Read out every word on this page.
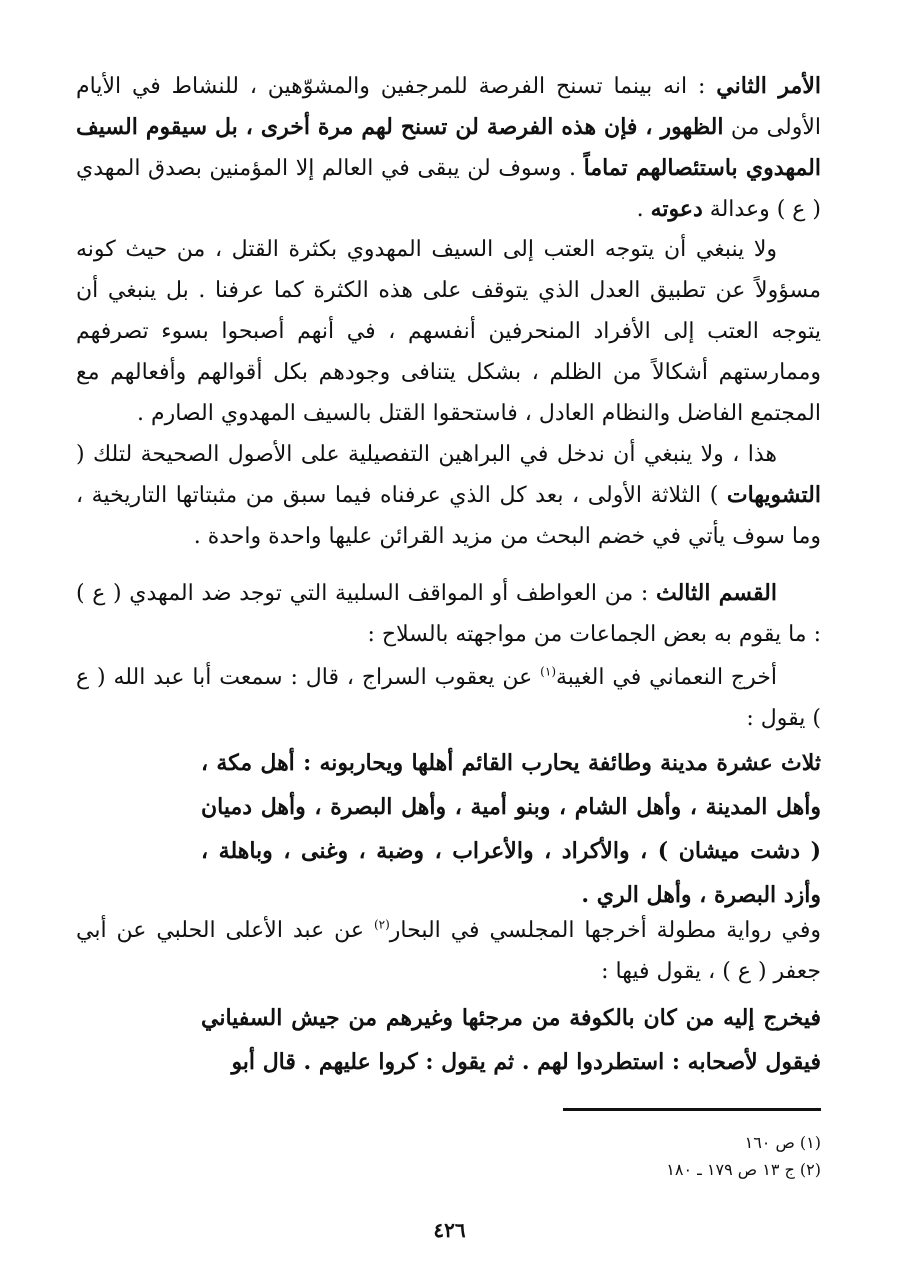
الأمر الثاني : انه بينما تسنح الفرصة للمرجفين والمشوّهين ، للنشاط في الأيام الأولى من الظهور ، فإن هذه الفرصة لن تسنح لهم مرة أخرى ، بل سيقوم السيف المهدوي باستئصالهم تماماً . وسوف لن يبقى في العالم إلا المؤمنين بصدق المهدي ( ع ) وعدالة دعوته .

ولا ينبغي أن يتوجه العتب إلى السيف المهدوي بكثرة القتل ، من حيث كونه مسؤولاً عن تطبيق العدل الذي يتوقف على هذه الكثرة كما عرفنا . بل ينبغي أن يتوجه العتب إلى الأفراد المنحرفين أنفسهم ، في أنهم أصبحوا بسوء تصرفهم وممارستهم أشكالاً من الظلم ، بشكل يتنافى وجودهم بكل أقوالهم وأفعالهم مع المجتمع الفاضل والنظام العادل ، فاستحقوا القتل بالسيف المهدوي الصارم .

هذا ، ولا ينبغي أن ندخل في البراهين التفصيلية على الأصول الصحيحة لتلك ( التشويهات ) الثلاثة الأولى ، بعد كل الذي عرفناه فيما سبق من مثبتاتها التاريخية ، وما سوف يأتي في خضم البحث من مزيد القرائن عليها واحدة واحدة .

القسم الثالث : من العواطف أو المواقف السلبية التي توجد ضد المهدي ( ع ) : ما يقوم به بعض الجماعات من مواجهته بالسلاح :

أخرج النعماني في الغيبة$^{(١)}$ عن يعقوب السراج ، قال : سمعت أبا عبد الله ( ع ) يقول :

ثلاث عشرة مدينة وطائفة يحارب القائم أهلها ويحاربونه : أهل مكة ، وأهل المدينة ، وأهل الشام ، وبنو أمية ، وأهل البصرة ، وأهل دميان ( دشت ميشان ) ، والأكراد ، والأعراب ، وضبة ، وغنى ، وباهلة ، وأزد البصرة ، وأهل الري .

وفي رواية مطولة أخرجها المجلسي في البحار$^{(٢)}$ عن عبد الأعلى الحلبي عن أبي جعفر ( ع ) ، يقول فيها :

فيخرج إليه من كان بالكوفة من مرجئها وغيرهم من جيش السفياني فيقول لأصحابه : استطردوا لهم . ثم يقول : كروا عليهم . قال أبو

(١) ص ١٦٠
(٢) ج ١٣ ص ١٧٩ ـ ١٨٠
٤٢٦
